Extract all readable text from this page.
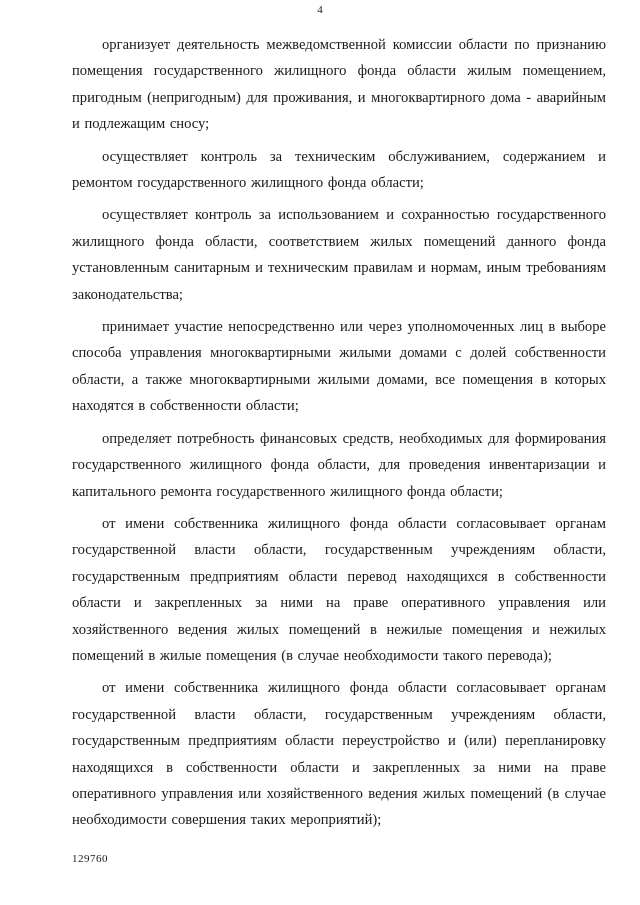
4

организует деятельность межведомственной комиссии области по признанию помещения государственного жилищного фонда области жилым помещением, пригодным (непригодным) для проживания, и многоквартирного дома - аварийным и подлежащим сносу;

осуществляет контроль за техническим обслуживанием, содержанием и ремонтом государственного жилищного фонда области;

осуществляет контроль за использованием и сохранностью государственного жилищного фонда области, соответствием жилых помещений данного фонда установленным санитарным и техническим правилам и нормам, иным требованиям законодательства;

принимает участие непосредственно или через уполномоченных лиц в выборе способа управления многоквартирными жилыми домами с долей собственности области, а также многоквартирными жилыми домами, все помещения в которых находятся в собственности области;

определяет потребность финансовых средств, необходимых для формирования государственного жилищного фонда области, для проведения инвентаризации и капитального ремонта государственного жилищного фонда области;

от имени собственника жилищного фонда области согласовывает органам государственной власти области, государственным учреждениям области, государственным предприятиям области перевод находящихся в собственности области и закрепленных за ними на праве оперативного управления или хозяйственного ведения жилых помещений в нежилые помещения и нежилых помещений в жилые помещения (в случае необходимости такого перевода);

от имени собственника жилищного фонда области согласовывает органам государственной власти области, государственным учреждениям области, государственным предприятиям области переустройство и (или) перепланировку находящихся в собственности области и закрепленных за ними на праве оперативного управления или хозяйственного ведения жилых помещений (в случае необходимости совершения таких мероприятий);

129760
